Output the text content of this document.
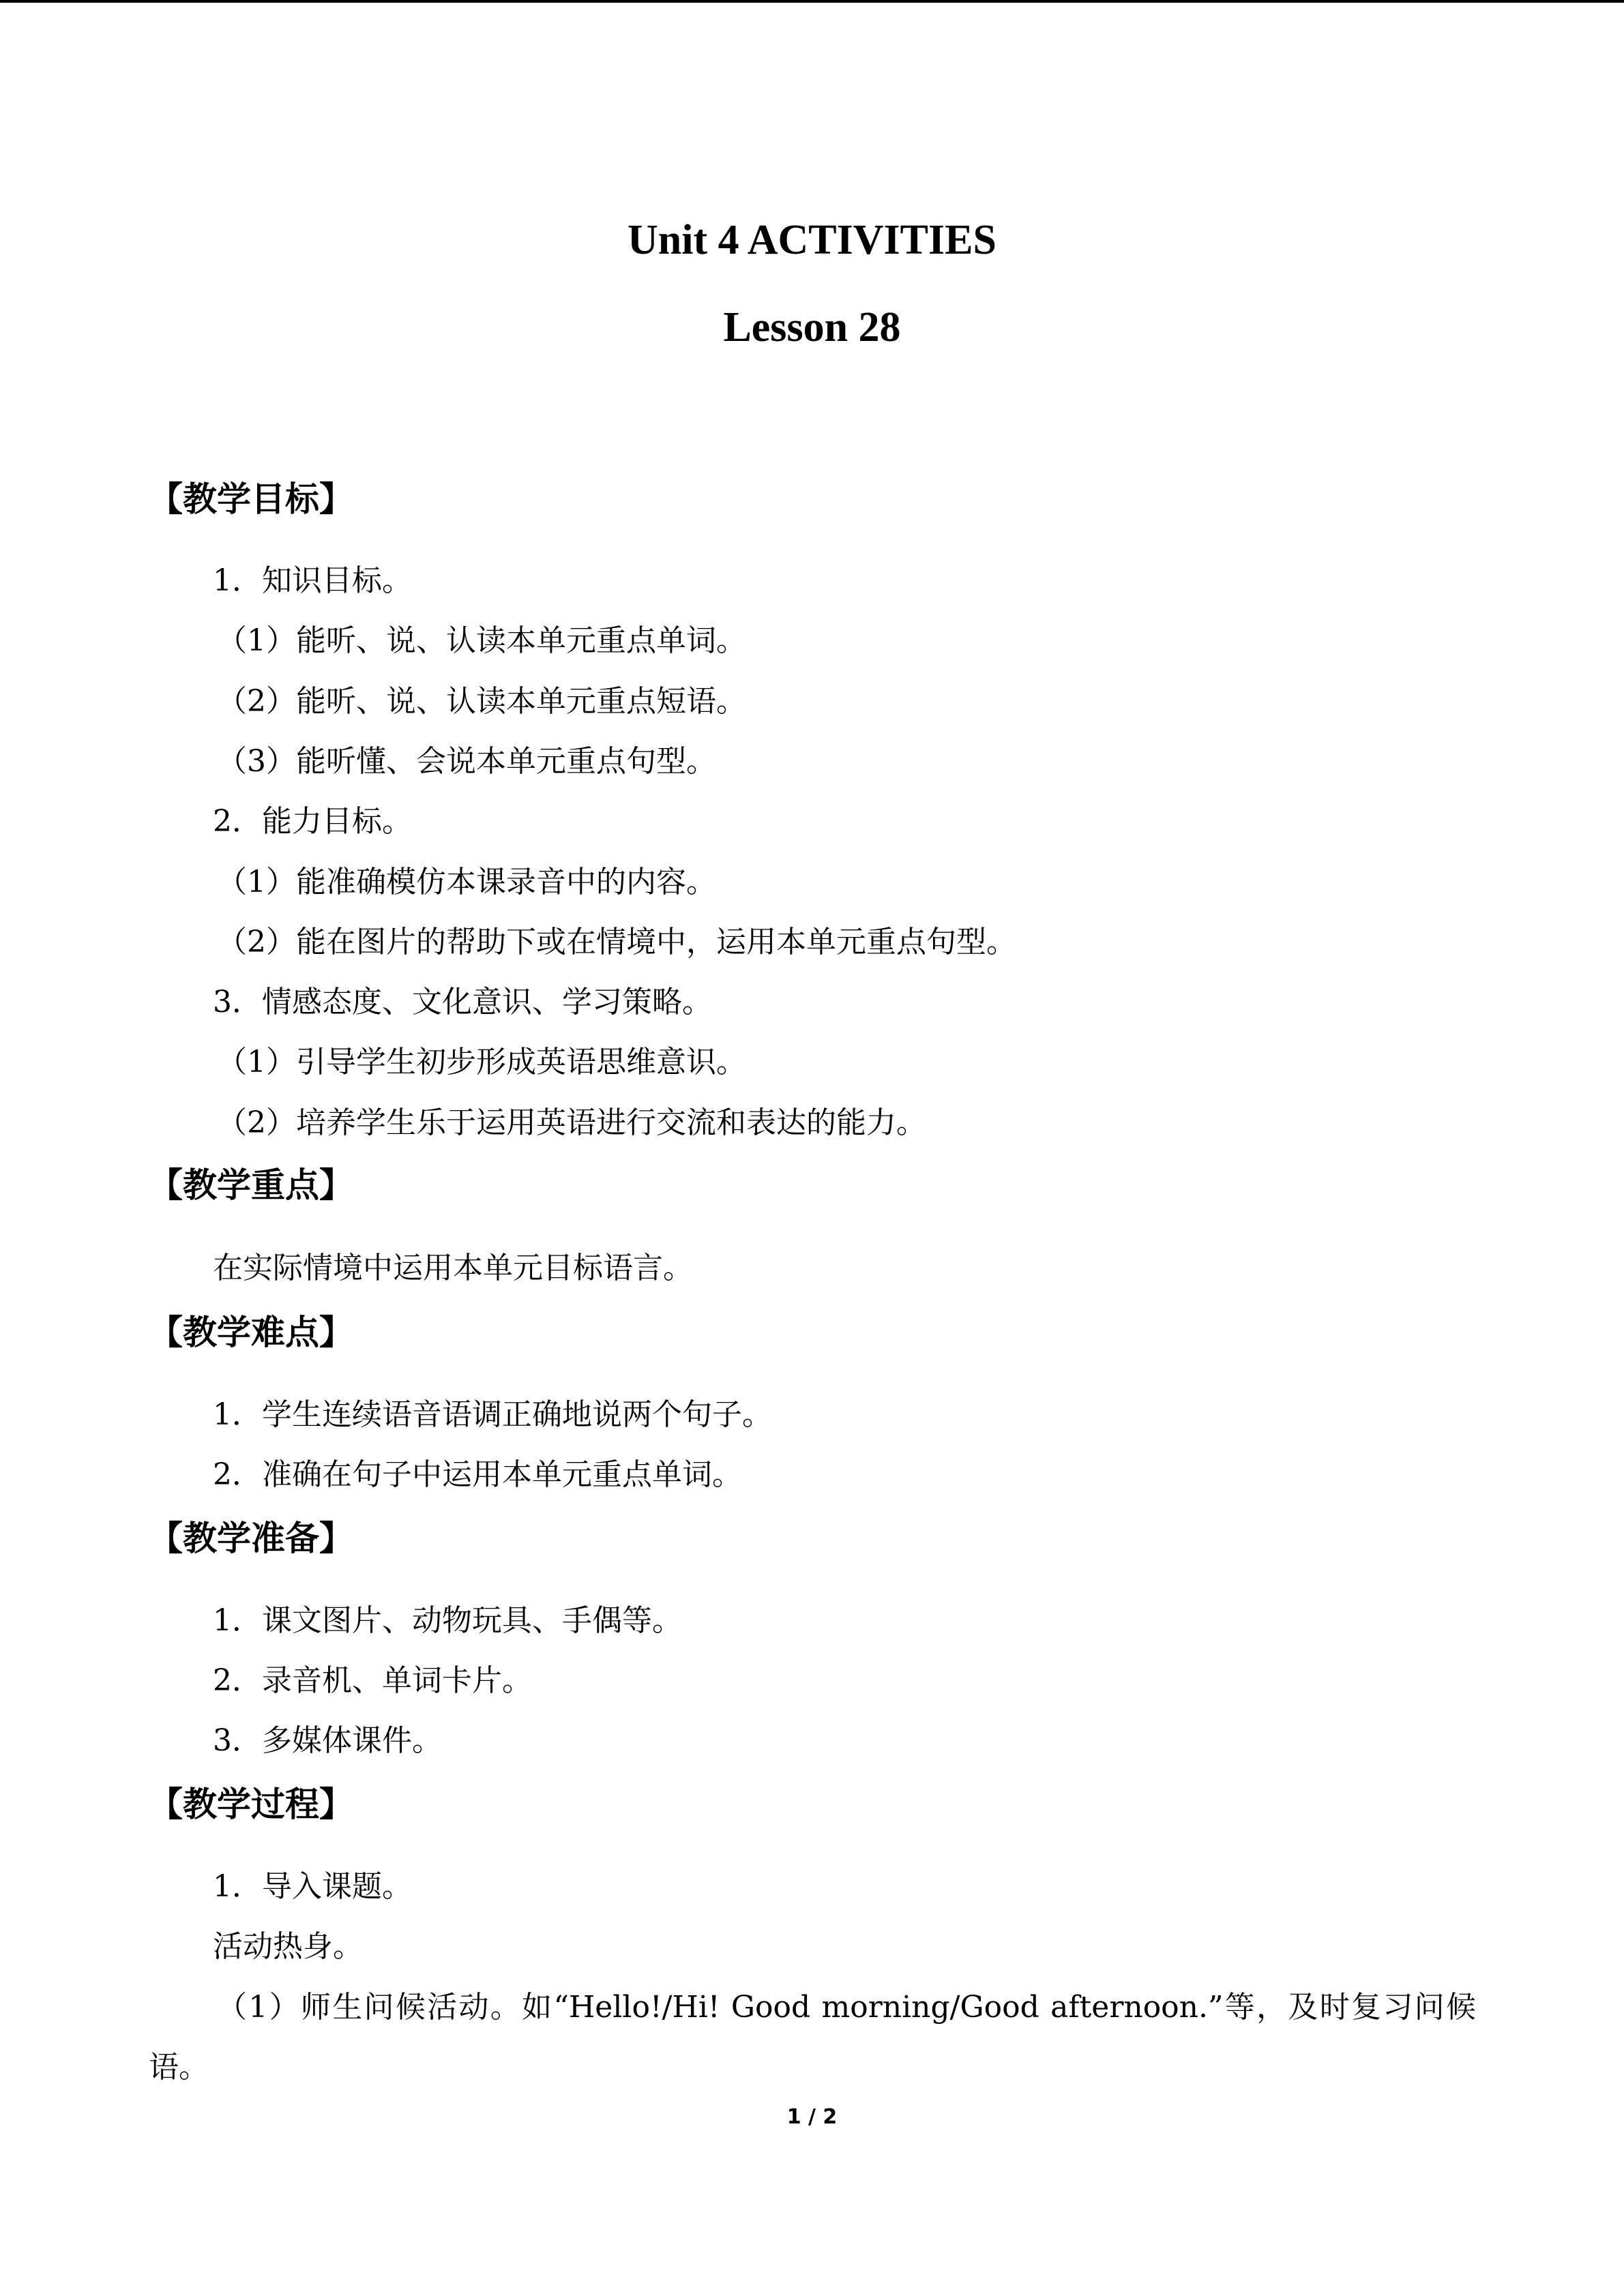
Unit 4 ACTIVITIES
Lesson 28
【教学目标】

1．知识目标。

（1）能听、说、认读本单元重点单词。

（2）能听、说、认读本单元重点短语。

（3）能听懂、会说本单元重点句型。

2．能力目标。

（1）能准确模仿本课录音中的内容。

（2）能在图片的帮助下或在情境中，运用本单元重点句型。

3．情感态度、文化意识、学习策略。

（1）引导学生初步形成英语思维意识。

（2）培养学生乐于运用英语进行交流和表达的能力。

【教学重点】

在实际情境中运用本单元目标语言。

【教学难点】

1．学生连续语音语调正确地说两个句子。

2．准确在句子中运用本单元重点单词。

【教学准备】

1．课文图片、动物玩具、手偶等。

2．录音机、单词卡片。

3．多媒体课件。

【教学过程】

1．导入课题。

活动热身。

（1）师生问候活动。如“Hello!/Hi! Good morning/Good afternoon.”等，及时复习问候

语。

1 / 2
